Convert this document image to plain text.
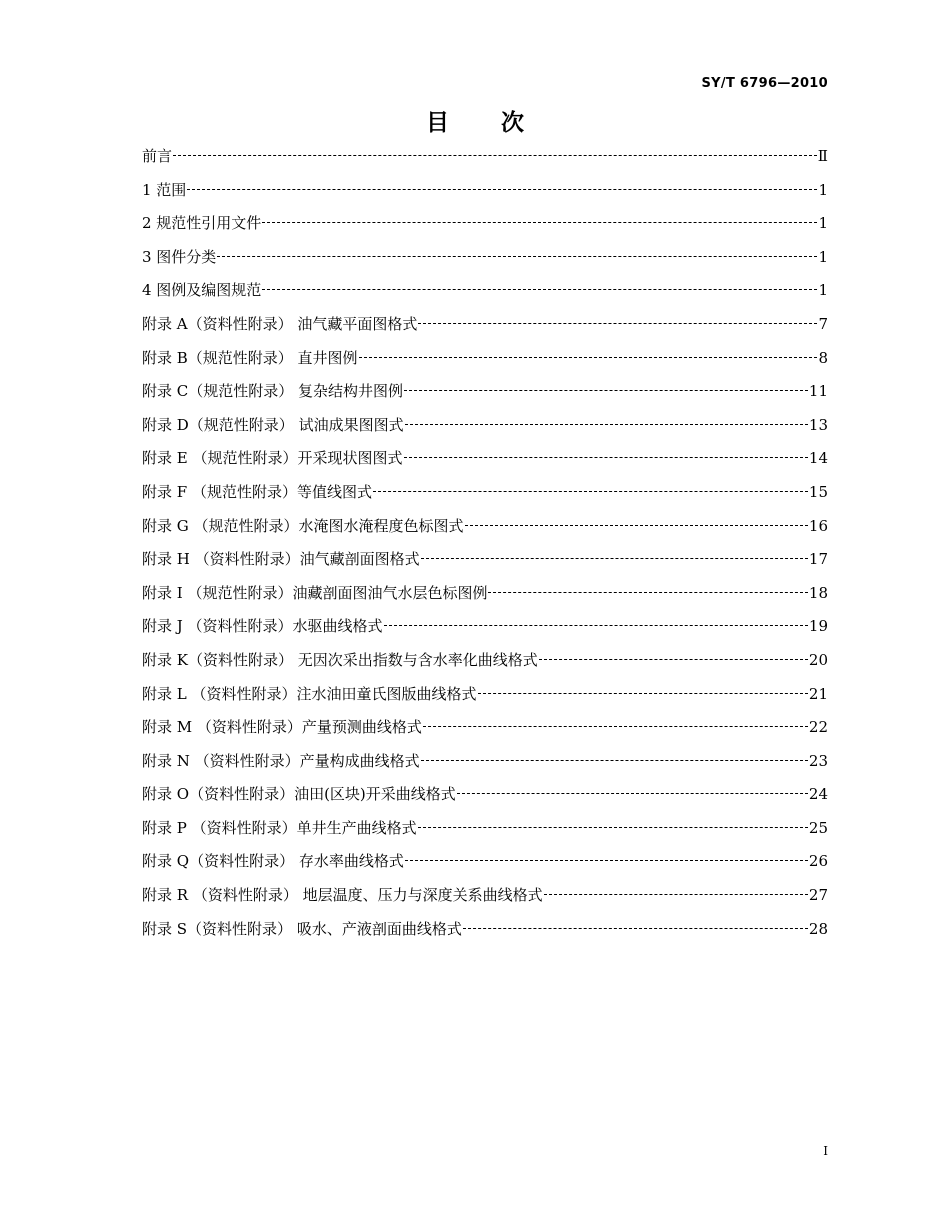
SY/T 6796—2010
目 次
前言	Ⅱ
1 范围	1
2 规范性引用文件	1
3 图件分类	1
4 图例及编图规范	1
附录 A（资料性附录） 油气藏平面图格式	7
附录 B（规范性附录） 直井图例	8
附录 C（规范性附录） 复杂结构井图例	11
附录 D（规范性附录） 试油成果图图式	13
附录 E （规范性附录）开采现状图图式	14
附录 F （规范性附录）等值线图式	15
附录 G （规范性附录）水淹图水淹程度色标图式	16
附录 H （资料性附录）油气藏剖面图格式	17
附录 I （规范性附录）油藏剖面图油气水层色标图例	18
附录 J （资料性附录）水驱曲线格式	19
附录 K（资料性附录） 无因次采出指数与含水率化曲线格式	20
附录 L （资料性附录）注水油田童氏图版曲线格式	21
附录 M （资料性附录）产量预测曲线格式	22
附录 N （资料性附录）产量构成曲线格式	23
附录 O（资料性附录）油田(区块)开采曲线格式	24
附录 P （资料性附录）单井生产曲线格式	25
附录 Q（资料性附录） 存水率曲线格式	26
附录 R （资料性附录） 地层温度、压力与深度关系曲线格式	27
附录 S（资料性附录） 吸水、产液剖面曲线格式	28
I
